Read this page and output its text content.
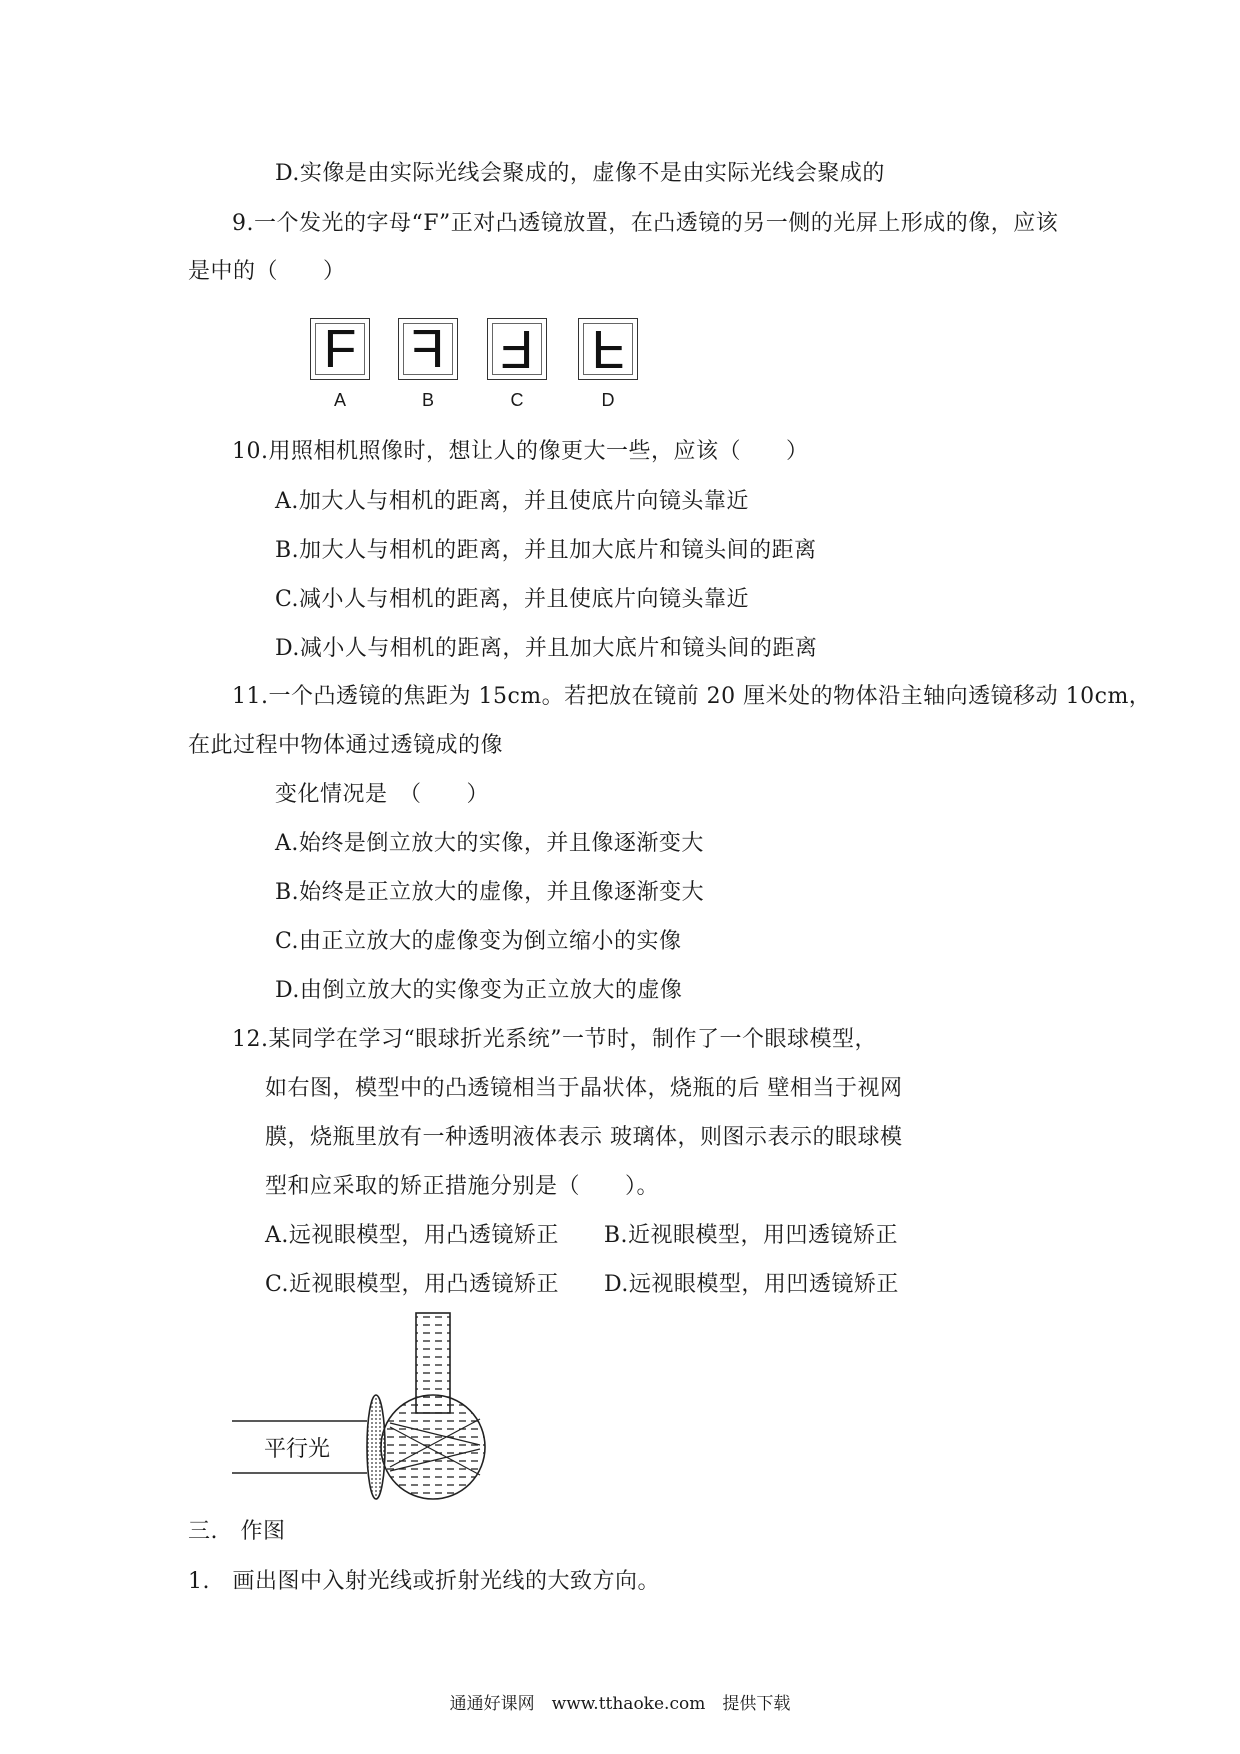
D.实像是由实际光线会聚成的，虚像不是由实际光线会聚成的
9.一个发光的字母“F”正对凸透镜放置，在凸透镜的另一侧的光屏上形成的像，应该
是中的（　　）
F
A
F
B
F
C
F
D
10.用照相机照像时，想让人的像更大一些，应该（　　）
A.加大人与相机的距离，并且使底片向镜头靠近
B.加大人与相机的距离，并且加大底片和镜头间的距离
C.减小人与相机的距离，并且使底片向镜头靠近
D.减小人与相机的距离，并且加大底片和镜头间的距离
11.一个凸透镜的焦距为 15cm。若把放在镜前 20 厘米处的物体沿主轴向透镜移动 10cm，
在此过程中物体通过透镜成的像
变化情况是　（　　）
A.始终是倒立放大的实像，并且像逐渐变大
B.始终是正立放大的虚像，并且像逐渐变大
C.由正立放大的虚像变为倒立缩小的实像
D.由倒立放大的实像变为正立放大的虚像
12.某同学在学习“眼球折光系统”一节时，制作了一个眼球模型，
如右图，模型中的凸透镜相当于晶状体，烧瓶的后 壁相当于视网
膜，烧瓶里放有一种透明液体表示 玻璃体，则图示表示的眼球模
型和应采取的矫正措施分别是（　　）。
A.远视眼模型，用凸透镜矫正　　B.近视眼模型，用凹透镜矫正
C.近视眼模型，用凸透镜矫正　　D.远视眼模型，用凹透镜矫正
平行光
三.　作图
1.　画出图中入射光线或折射光线的大致方向。
通通好课网　www.tthaoke.com　提供下载
